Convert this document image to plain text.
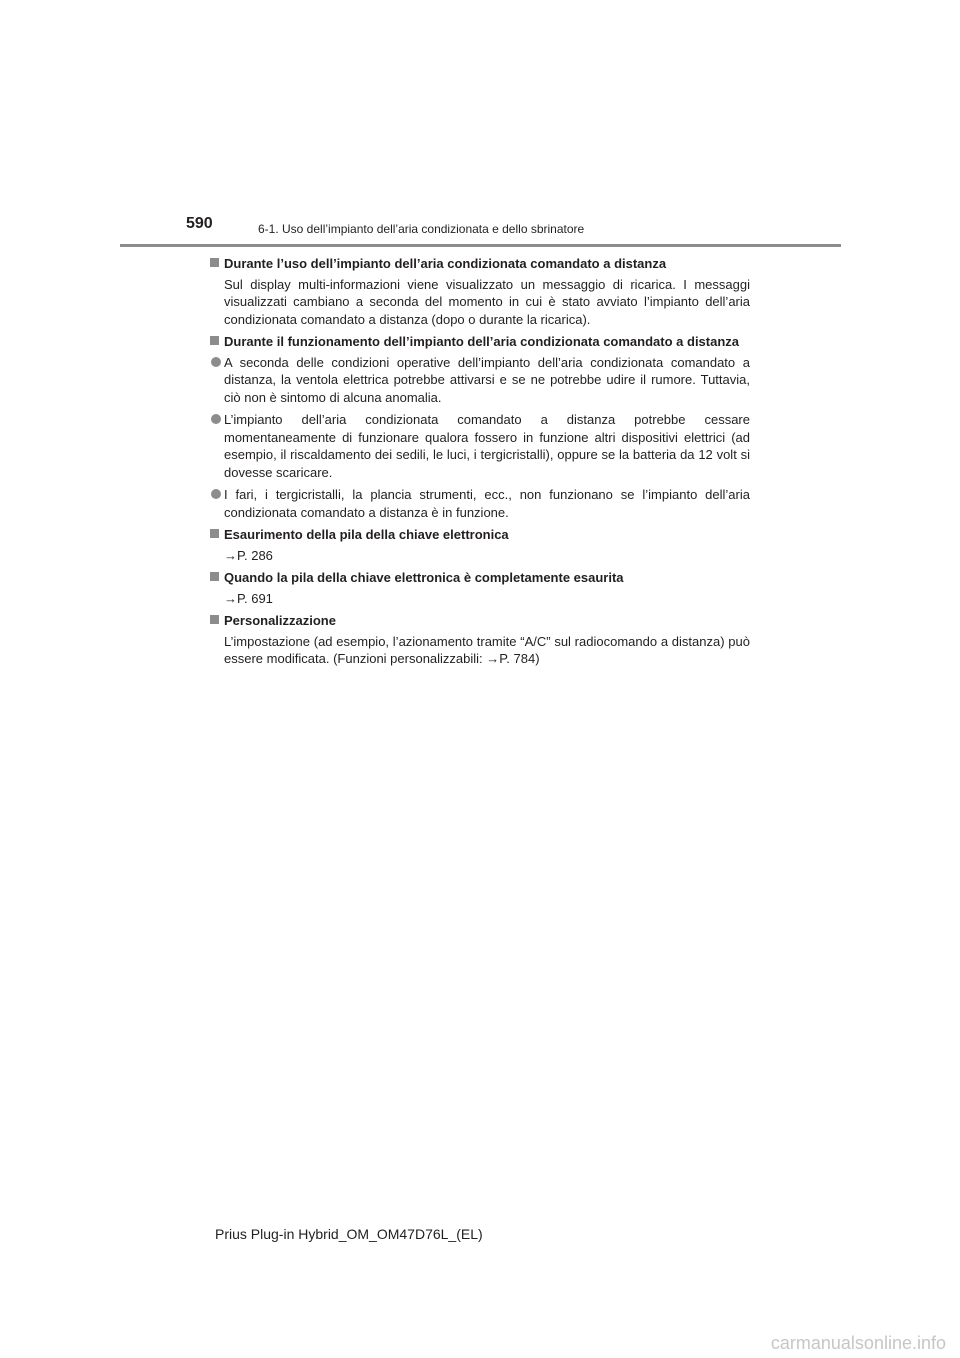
590	6-1. Uso dell’impianto dell’aria condizionata e dello sbrinatore
Durante l’uso dell’impianto dell’aria condizionata comandato a distanza

Sul display multi-informazioni viene visualizzato un messaggio di ricarica. I messaggi visualizzati cambiano a seconda del momento in cui è stato avviato l’impianto dell’aria condizionata comandato a distanza (dopo o durante la ricarica).

Durante il funzionamento dell’impianto dell’aria condizionata comandato a distanza
A seconda delle condizioni operative dell’impianto dell’aria condizionata comandato a distanza, la ventola elettrica potrebbe attivarsi e se ne potrebbe udire il rumore. Tuttavia, ciò non è sintomo di alcuna anomalia.
L’impianto dell’aria condizionata comandato a distanza potrebbe cessare momentaneamente di funzionare qualora fossero in funzione altri dispositivi elettrici (ad esempio, il riscaldamento dei sedili, le luci, i tergicristalli), oppure se la batteria da 12 volt si dovesse scaricare.
I fari, i tergicristalli, la plancia strumenti, ecc., non funzionano se l’impianto dell’aria condizionata comandato a distanza è in funzione.
Esaurimento della pila della chiave elettronica
→P. 286
Quando la pila della chiave elettronica è completamente esaurita
→P. 691
Personalizzazione

L’impostazione (ad esempio, l’azionamento tramite “A/C” sul radiocomando a distanza) può essere modificata. (Funzioni personalizzabili: →P. 784)

Prius Plug-in Hybrid_OM_OM47D76L_(EL)
carmanualsonline.info
